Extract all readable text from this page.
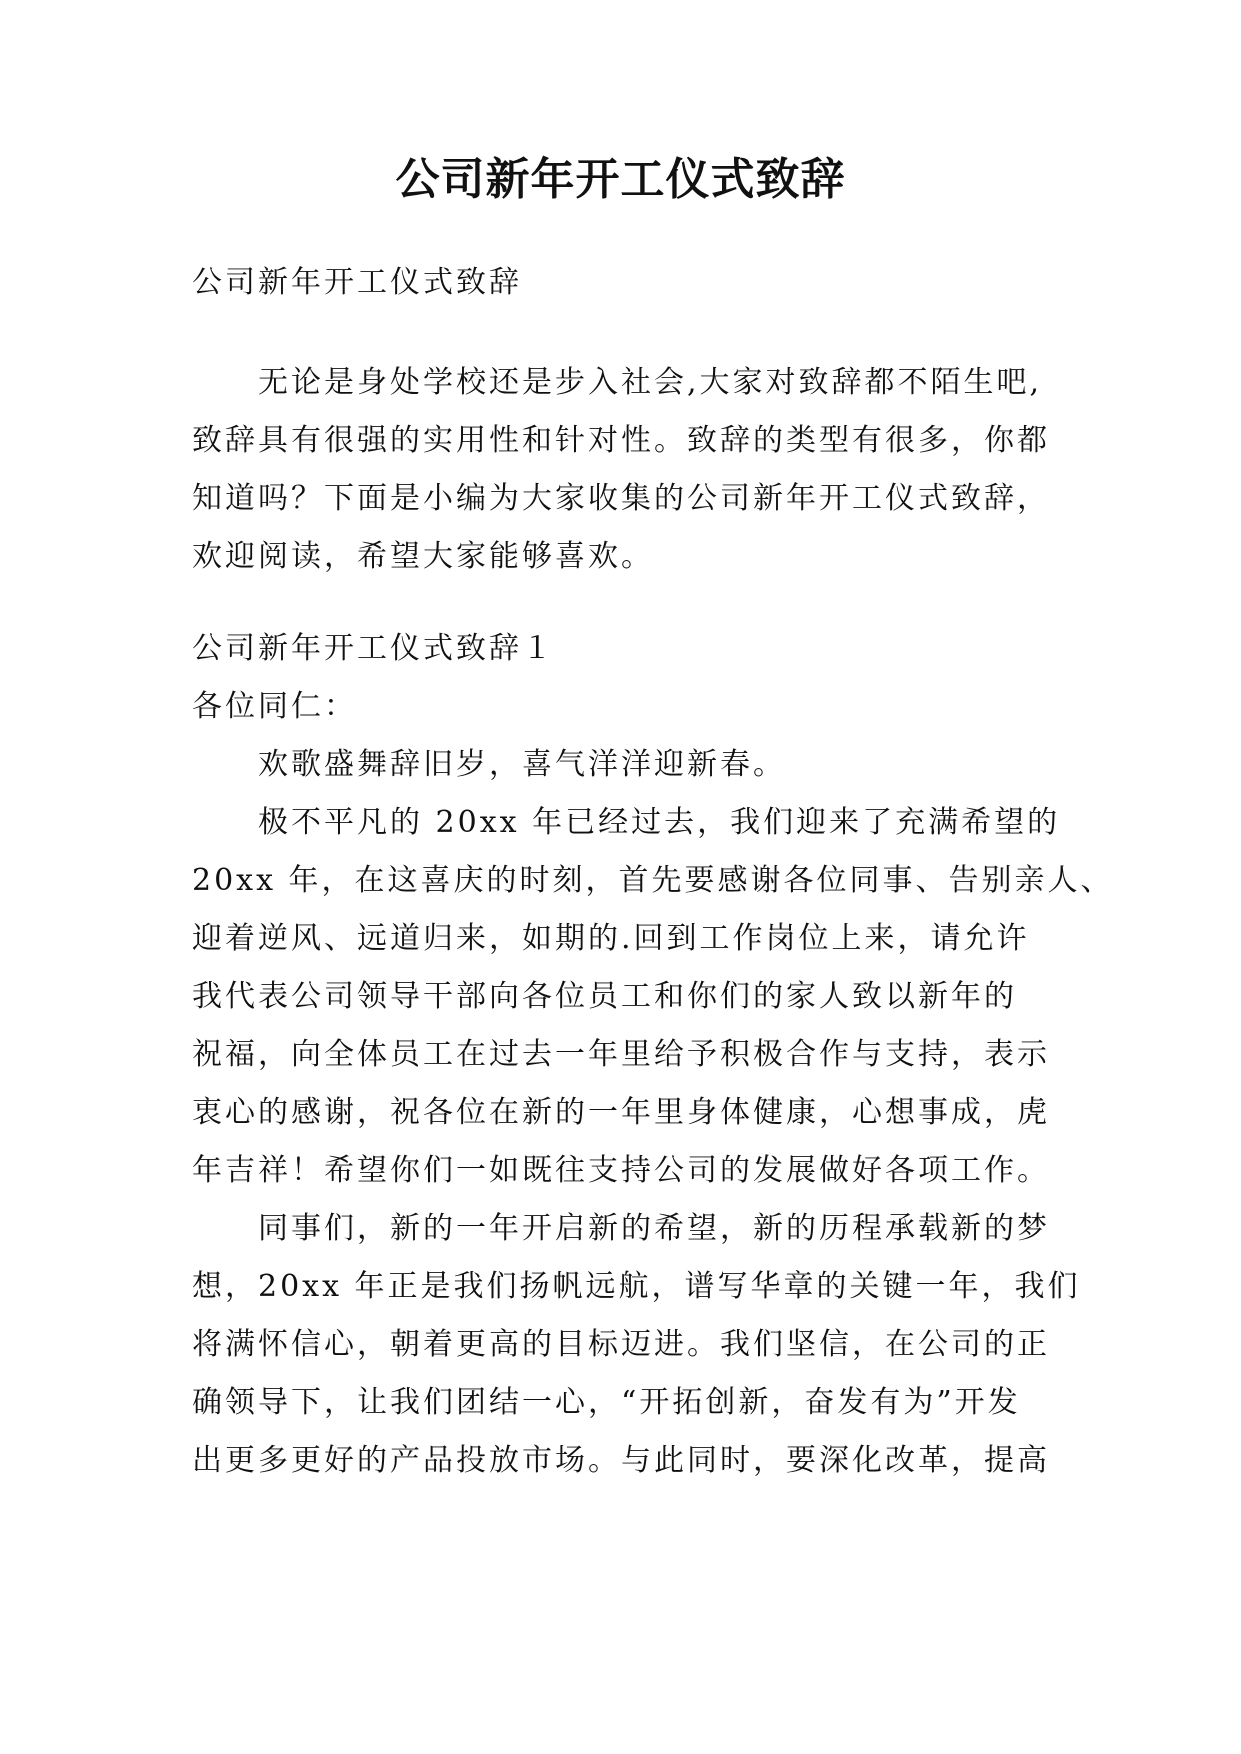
公司新年开工仪式致辞

公司新年开工仪式致辞

无论是身处学校还是步入社会,大家对致辞都不陌生吧,
致辞具有很强的实用性和针对性。致辞的类型有很多，你都
知道吗？下面是小编为大家收集的公司新年开工仪式致辞，
欢迎阅读，希望大家能够喜欢。
公司新年开工仪式致辞１
各位同仁：
欢歌盛舞辞旧岁，喜气洋洋迎新春。
极不平凡的 20xx 年已经过去，我们迎来了充满希望的
20xx 年，在这喜庆的时刻，首先要感谢各位同事、告别亲人、
迎着逆风、远道归来，如期的.回到工作岗位上来，请允许
我代表公司领导干部向各位员工和你们的家人致以新年的
祝福，向全体员工在过去一年里给予积极合作与支持，表示
衷心的感谢，祝各位在新的一年里身体健康，心想事成，虎
年吉祥！希望你们一如既往支持公司的发展做好各项工作。
同事们，新的一年开启新的希望，新的历程承载新的梦
想，20xx 年正是我们扬帆远航，谱写华章的关键一年，我们
将满怀信心，朝着更高的目标迈进。我们坚信，在公司的正
确领导下，让我们团结一心，“开拓创新，奋发有为”开发
出更多更好的产品投放市场。与此同时，要深化改革，提高
